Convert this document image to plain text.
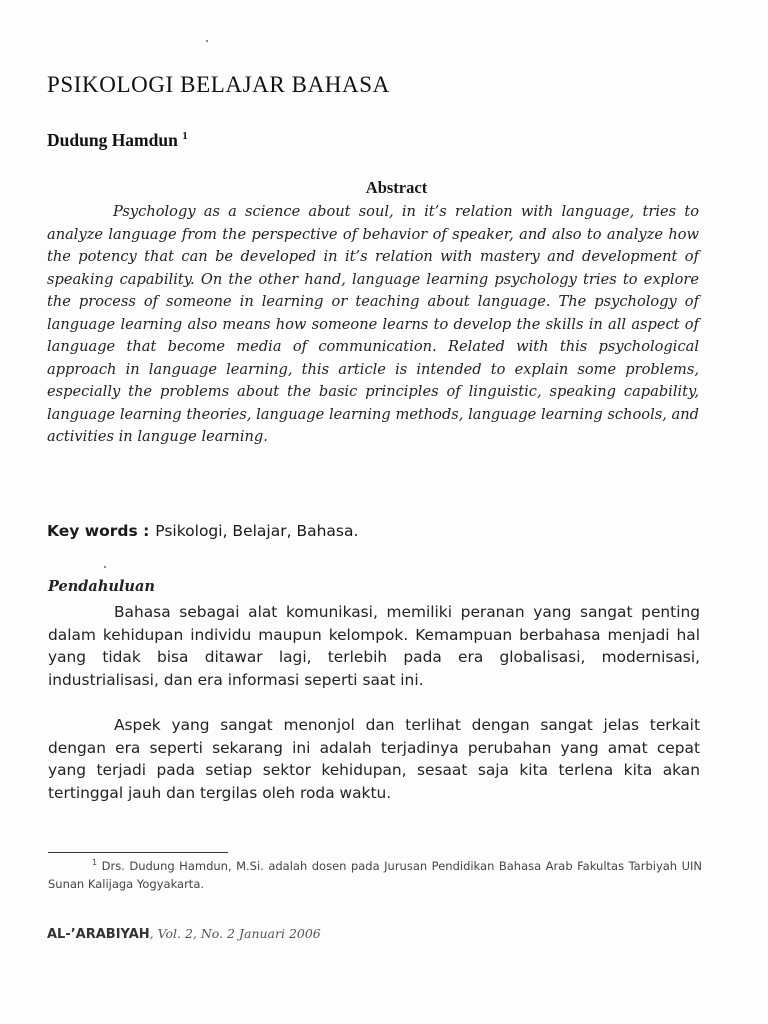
PSIKOLOGI BELAJAR BAHASA
Dudung Hamdun $^1$
Abstract

Psychology as a science about soul, in it’s relation with language, tries to analyze language from the perspective of behavior of speaker, and also to analyze how the potency that can be developed in it’s relation with mastery and development of speaking capability. On the other hand, language learning psychology tries to explore the process of someone in learning or teaching about language. The psychology of language learning also means how someone learns to develop the skills in all aspect of language that become media of communication. Related with this psychological approach in language learning, this article is intended to explain some problems, especially the problems about the basic principles of linguistic, speaking capability, language learning theories, language learning methods, language learning schools, and activities in languge learning.

Key words : Psikologi, Belajar, Bahasa.
Pendahuluan

Bahasa sebagai alat komunikasi, memiliki peranan yang sangat penting dalam kehidupan individu maupun kelompok. Kemampuan berbahasa menjadi hal yang tidak bisa ditawar lagi, terlebih pada era globalisasi, modernisasi, industrialisasi, dan era informasi seperti saat ini.

Aspek yang sangat menonjol dan terlihat dengan sangat jelas terkait dengan era seperti sekarang ini adalah terjadinya perubahan yang amat cepat yang terjadi pada setiap sektor kehidupan, sesaat saja kita terlena kita akan tertinggal jauh dan tergilas oleh roda waktu.

$^1$ Drs. Dudung Hamdun, M.Si. adalah dosen pada Jurusan Pendidikan Bahasa Arab Fakultas Tarbiyah UIN Sunan Kalijaga Yogyakarta.

AL-’ARABIYAH, Vol. 2, No. 2 Januari 2006
